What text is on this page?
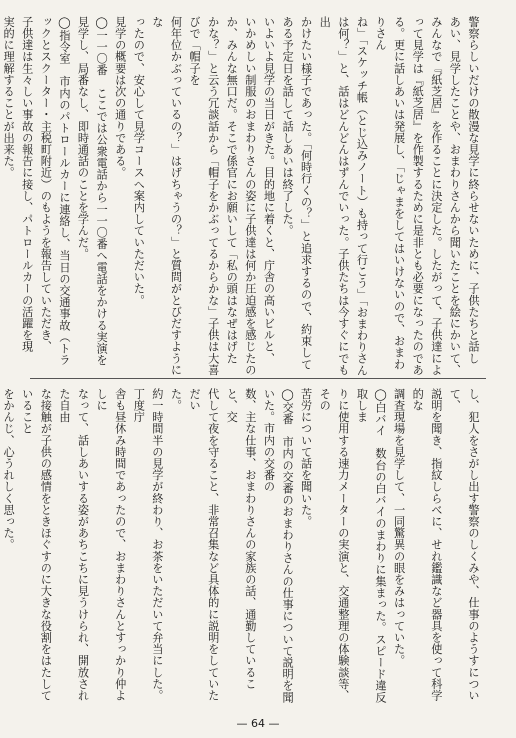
警察らしいだけの散漫な見学に終らせないために、子供たちと話し
あい、見学したことや、おまわりさんから聞いたことを絵にかいて、
みんなで『紙芝居』を作ることに決定した。したがって、子供達によ
って見学は『紙芝居』を作製するために是非とも必要になったのであ
る。更に話しあいは発展し、「じゃまをしてはいけないので、おまわりさん
ね」「スケッチ帳（とじ込みノート）も持って行こう」「おまわりさん
は何？」と、話はどんどんはずんでいった。子供たちは今すぐにでも出
かけたい様子であった。「何時行くの？」と追求するので、約束して
ある予定日を話して話しあいは終了した。
いよいよ見学の当日がきた。目的地に着くと、庁舎の高いビルと、
いかめしい制服のおまわりさんの姿に子供達は何か圧迫感を感じたの
か、みんな無口だ。そこで係官にお願いして「私の頭はなぜはげた
かな？」と云う冗談話から「帽子をかぶってるからかな」子供は大喜びで「帽子を
何年位かぶっているの？」はげちゃうの？」と質問がとびだすようにな
ったので、安心して見学コースへ案内していただいた。
見学の概要は次の通りである。
◯一一〇番　ここでは公衆電話から一一〇番へ電話をかける実演を
見学し、局番なし、即時通話のことを学んだ。
◯指令室　市内のパトロールカーに連絡し、当日の交通事故（トラ
ックとスクーター・主税町附近）のもようを報告していただき、
子供達は生々しい事故の報告に接し、パトロールカーの活躍を現
実的に理解することが出来た。
し、犯人をさがし出す警察のしくみや、仕事のようすについて、
説明を聞き、指紋しらべに、せれ鑑識など器具を使って科学的な
調査現場を見学して、一同驚異の眼をみはっていた。
◯白バイ　数台の白バイのまわりに集まった。スピード違反取しま
りに使用する速力メーターの実演と、交通整理の体験談等、その
苦労について話を聞いた。
◯交番　市内の交番のおまわりさんの仕事について説明を聞いた。市内の交番の
数、主な仕事、おまわりさんの家族の話、通勤していること、交
代して夜を守ること、非常召集など具体的に説明をしていただい
た。
約一時間半の見学が終わり、お茶をいただいて弁当にした。丁度庁
舎も昼休み時間であったので、おまわりさんとすっかり仲よしに
なって、話しあいする姿があちこちに見うけられ、開放された自由
な接触が子供の感情をときほぐすのに大きな役割をはたしていること
をかんじ、心うれしく思った。
— 64 —
